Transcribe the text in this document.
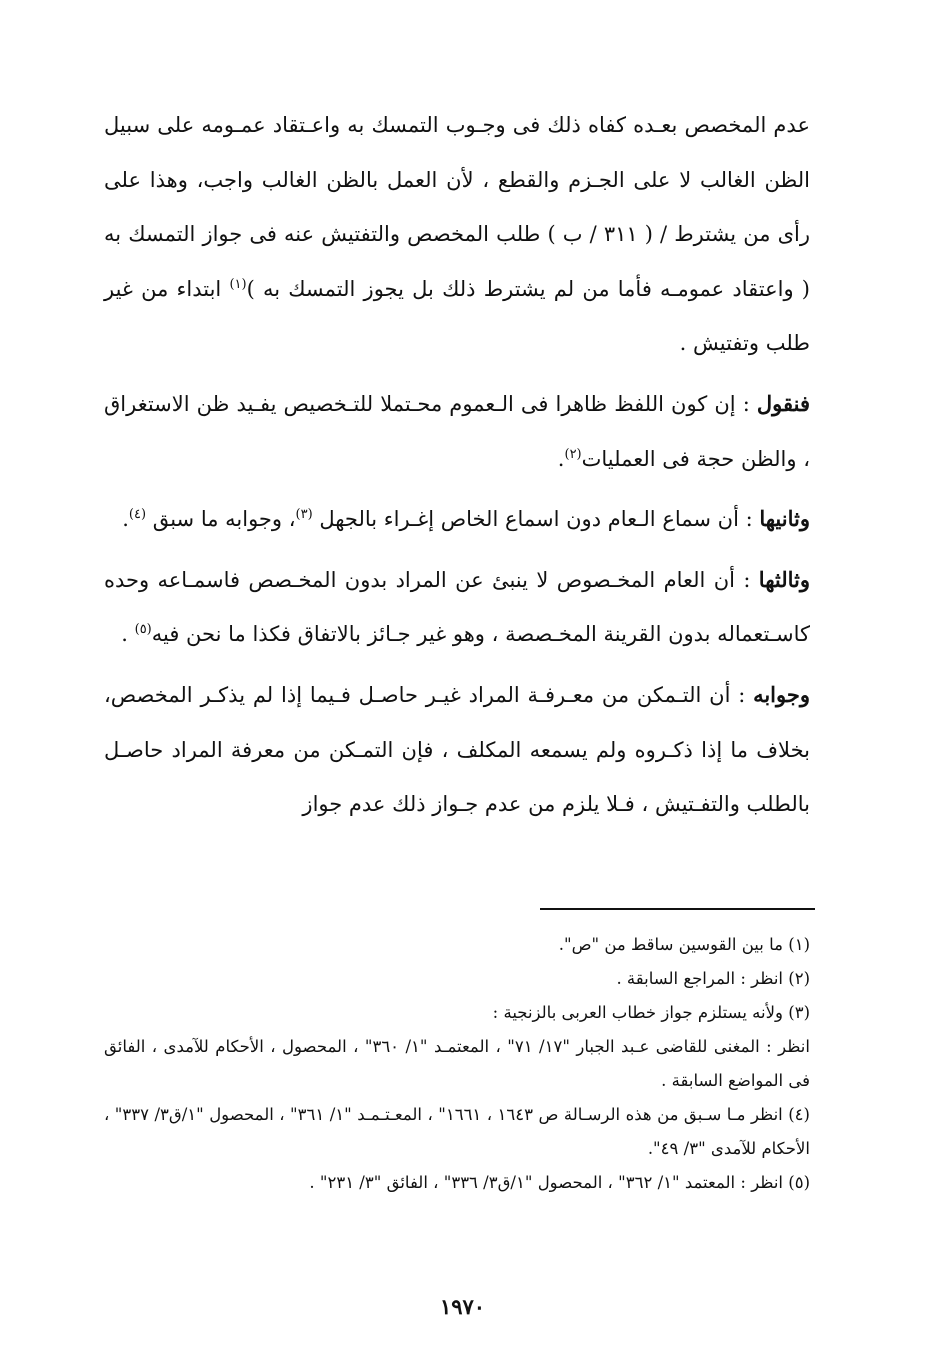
عدم المخصص بعـده كفاه ذلك فى وجـوب التمسك به واعـتقاد عمـومه على سبيل الظن الغالب لا على الجـزم والقطع ، لأن العمل بالظن الغالب واجب، وهذا على رأى من يشترط / ( ٣١١ / ب ) طلب المخصص والتفتيش عنه فى جواز التمسك به ( واعتقاد عمومـه فأما من لم يشترط ذلك بل يجوز التمسك به )$^{(١)}$ ابتداء من غير طلب وتفتيش .

فنقول : إن كون اللفظ ظاهرا فى الـعموم محـتملا للتـخصيص يفـيد ظن الاستغراق ، والظن حجة فى العمليات$^{(٢)}$.

وثانيها : أن سماع الـعام دون اسماع الخاص إغـراء بالجهل $^{(٣)}$، وجوابه ما سبق $^{(٤)}$.

وثالثها : أن العام المخـصوص لا ينبئ عن المراد بدون المخـصص فاسمـاعه وحده كاسـتعماله بدون القرينة المخـصصة ، وهو غير جـائز بالاتفاق فكذا ما نحن فيه$^{(٥)}$ .

وجوابه : أن التـمكن من معـرفـة المراد غيـر حاصـل فـيما إذا لم يذكـر المخصص، بخلاف ما إذا ذكـروه ولم يسمعه المكلف ، فإن التمـكن من معرفة المراد حاصـل بالطلب والتفـتيش ، فـلا يلزم من عدم جـواز ذلك عدم جواز

(١) ما بين القوسين ساقط من "ص".

(٢) انظر : المراجع السابقة .

(٣) ولأنه يستلزم جواز خطاب العربى بالزنجية :

انظر : المغنى للقاضى عـبد الجبار "١٧/ ٧١" ، المعتمـد "١/ ٣٦٠" ، المحصول ، الأحكام للآمدى ، الفائق فى المواضع السابقة .

(٤) انظر مـا سـبق من هذه الرسـالة ص ١٦٤٣ ، ١٦٦١" ، المعـتـمـد "١/ ٣٦١" ، المحصول "١/ق٣/ ٣٣٧" ، الأحكام للآمدى "٣/ ٤٩".

(٥) انظر : المعتمد "١/ ٣٦٢" ، المحصول "١/ق٣/ ٣٣٦" ، الفائق "٣/ ٢٣١" .

١٩٧٠
